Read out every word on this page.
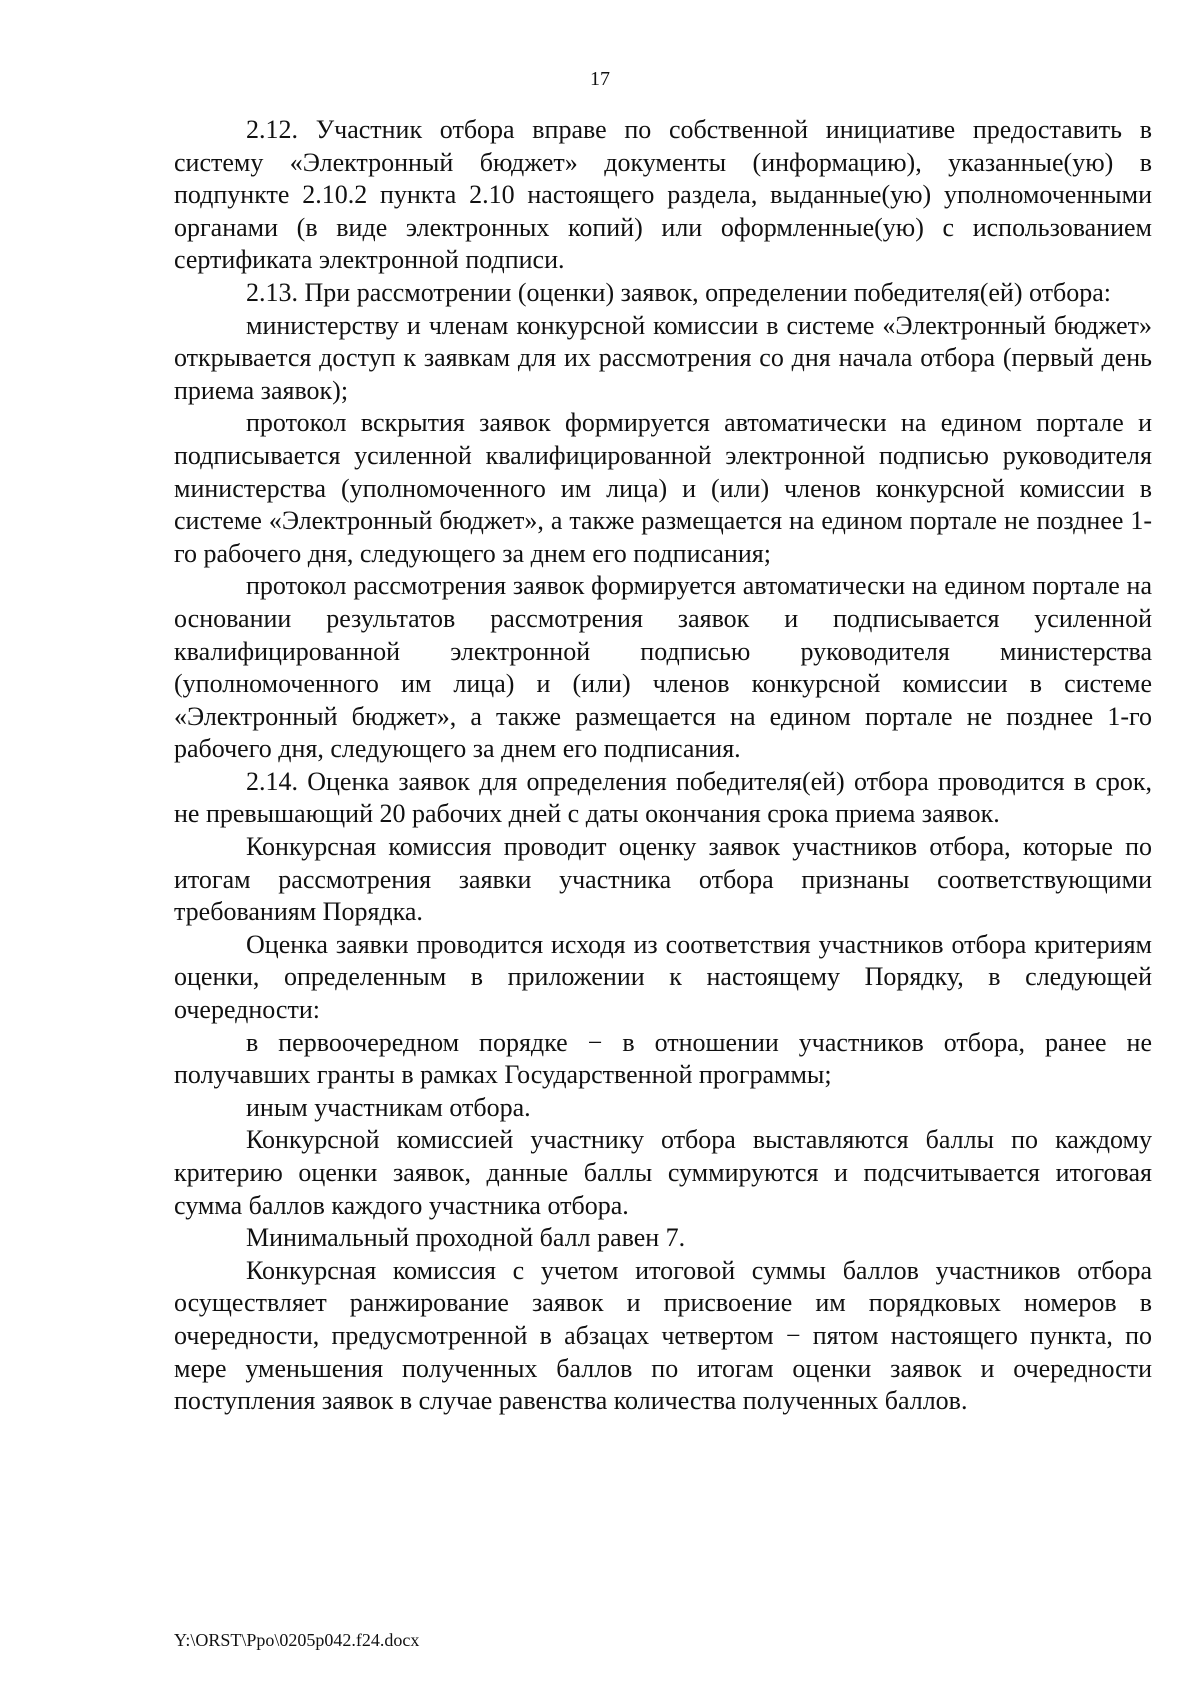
17

2.12. Участник отбора вправе по собственной инициативе предоставить в систему «Электронный бюджет» документы (информацию), указанные(ую) в подпункте 2.10.2 пункта 2.10 настоящего раздела, выданные(ую) уполномоченными органами (в виде электронных копий) или оформленные(ую) с использованием сертификата электронной подписи.

2.13. При рассмотрении (оценки) заявок, определении победителя(ей) отбора:

министерству и членам конкурсной комиссии в системе «Электронный бюджет» открывается доступ к заявкам для их рассмотрения со дня начала отбора (первый день приема заявок);

протокол вскрытия заявок формируется автоматически на едином портале и подписывается усиленной квалифицированной электронной подписью руководителя министерства (уполномоченного им лица) и (или) членов конкурсной комиссии в системе «Электронный бюджет», а также размещается на едином портале не позднее 1-го рабочего дня, следующего за днем его подписания;

протокол рассмотрения заявок формируется автоматически на едином портале на основании результатов рассмотрения заявок и подписывается усиленной квалифицированной электронной подписью руководителя министерства (уполномоченного им лица) и (или) членов конкурсной комиссии в системе «Электронный бюджет», а также размещается на едином портале не позднее 1-го рабочего дня, следующего за днем его подписания.

2.14. Оценка заявок для определения победителя(ей) отбора проводится в срок, не превышающий 20 рабочих дней с даты окончания срока приема заявок.

Конкурсная комиссия проводит оценку заявок участников отбора, которые по итогам рассмотрения заявки участника отбора признаны соответствующими требованиям Порядка.

Оценка заявки проводится исходя из соответствия участников отбора критериям оценки, определенным в приложении к настоящему Порядку, в следующей очередности:

в первоочередном порядке − в отношении участников отбора, ранее не получавших гранты в рамках Государственной программы;

иным участникам отбора.

Конкурсной комиссией участнику отбора выставляются баллы по каждому критерию оценки заявок, данные баллы суммируются и подсчитывается итоговая сумма баллов каждого участника отбора.

Минимальный проходной балл равен 7.

Конкурсная комиссия с учетом итоговой суммы баллов участников отбора осуществляет ранжирование заявок и присвоение им порядковых номеров в очередности, предусмотренной в абзацах четвертом − пятом настоящего пункта, по мере уменьшения полученных баллов по итогам оценки заявок и очередности поступления заявок в случае равенства количества полученных баллов.

Y:\ORST\Ppo\0205p042.f24.docx
